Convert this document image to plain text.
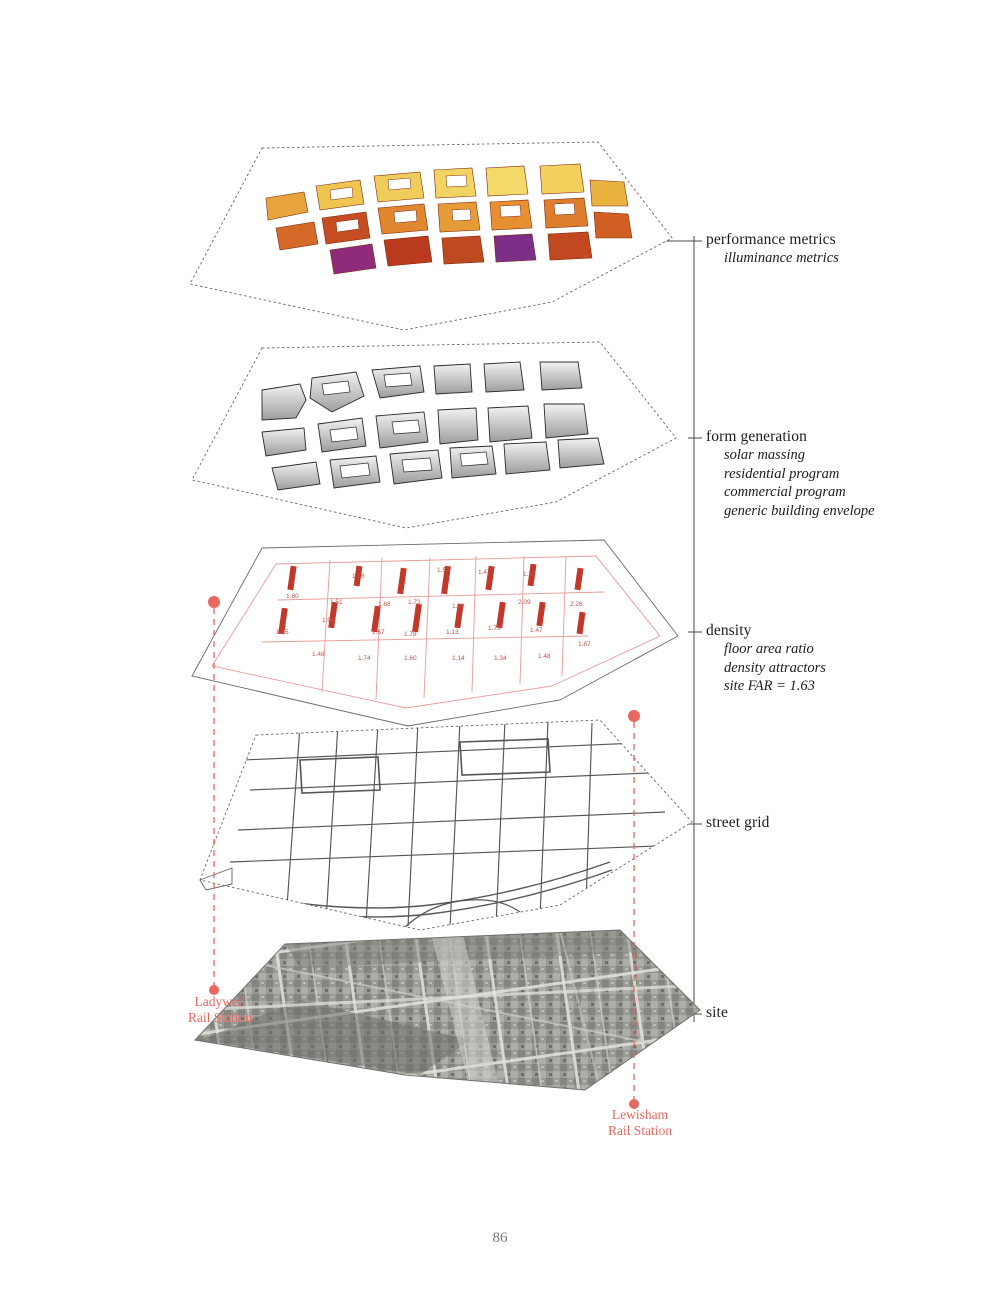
1.56
1.50	1.47	1.39
2.26
1.80
1.51	1.68	1.73
1.32
2.09
1.35
1.94
1.67	1.78	1.13
1.73	1.47
1.87
1.48
1.74	1.60	1.14	1.34	1.48
performance metrics
illuminance metrics
form generation
solar massing
residential program
commercial program
generic building envelope
density
floor area ratio
density attractors
site FAR = 1.63
street grid
site
Ladywell
Rail Station
Lewisham
Rail Station
86
